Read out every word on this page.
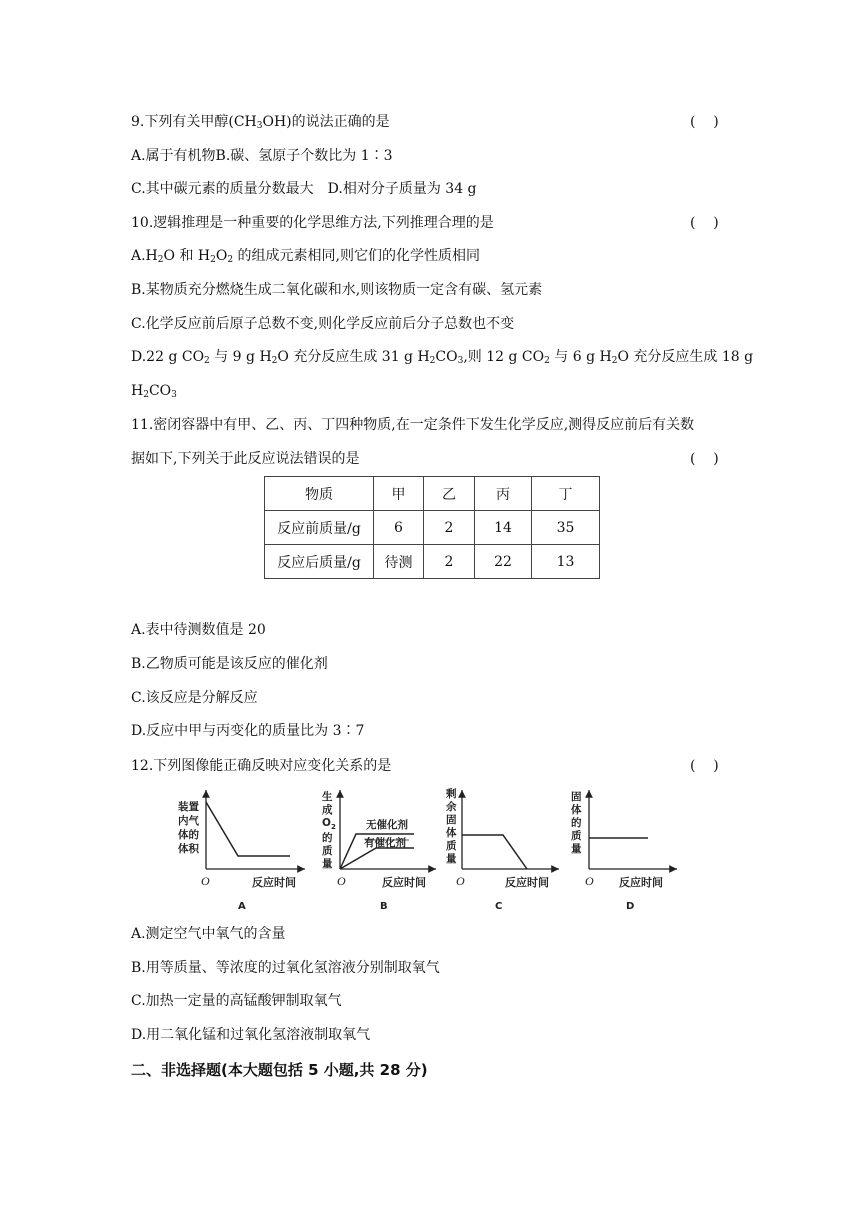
9.下列有关甲醇$(CH_3OH)$的说法正确的是	(    )
A.属于有机物B.碳、氢原子个数比为 1∶3
C.其中碳元素的质量分数最大 D.相对分子质量为 34 g
10.逻辑推理是一种重要的化学思维方法,下列推理合理的是	(    )
$A.H_2O$ 和 $H_2O_2$ 的组成元素相同,则它们的化学性质相同
B.某物质充分燃烧生成二氧化碳和水,则该物质一定含有碳、氢元素
C.化学反应前后原子总数不变,则化学反应前后分子总数也不变
D.22 g $CO_2$ 与 9 g $H_2O$ 充分反应生成 31 g $H_2CO_3$,则 12 g $CO_2$ 与 6 g $H_2O$ 充分反应生成 18 g
$H_2CO_3$
11.密闭容器中有甲、乙、丙、丁四种物质,在一定条件下发生化学反应,测得反应前后有关数
据如下,下列关于此反应说法错误的是	(    )
物质	甲	乙	丙	丁
反应前质量/g	6	2	14	35
反应后质量/g	待测	2	22	13
A.表中待测数值是 20
B.乙物质可能是该反应的催化剂
C.该反应是分解反应
D.反应中甲与丙变化的质量比为 3∶7
12.下列图像能正确反映对应变化关系的是	(    )
装置
内气
体的
体积
O	反应时间
A
生
成
$O_2$
的
质
量
无催化剂
有催化剂
O	反应时间
B
剩
余
固
体
质
量
O	反应时间
C
固
体
的
质
量
O 反应时间
D
A.测定空气中氧气的含量
B.用等质量、等浓度的过氧化氢溶液分别制取氧气
C.加热一定量的高锰酸钾制取氧气
D.用二氧化锰和过氧化氢溶液制取氧气
二、非选择题(本大题包括 5 小题,共 28 分)
